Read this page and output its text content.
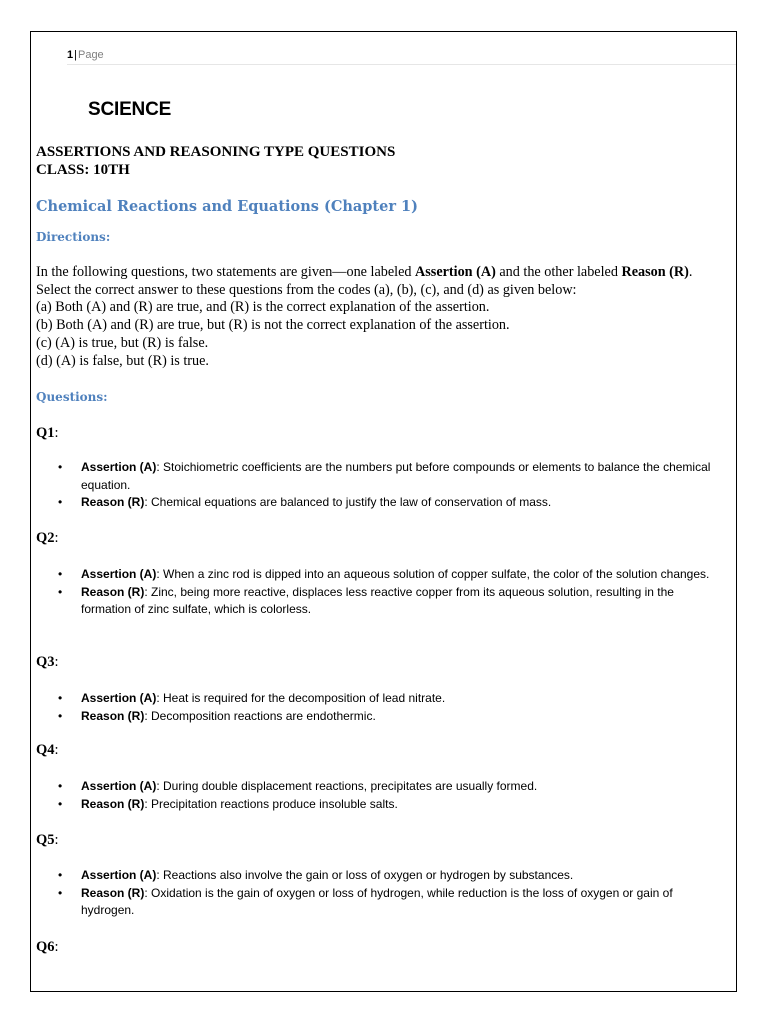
1|Page
SCIENCE
ASSERTIONS AND REASONING TYPE QUESTIONS
CLASS: 10TH
Chemical Reactions and Equations (Chapter 1)
Directions:
In the following questions, two statements are given—one labeled Assertion (A) and the other labeled Reason (R). Select the correct answer to these questions from the codes (a), (b), (c), and (d) as given below:
(a) Both (A) and (R) are true, and (R) is the correct explanation of the assertion.
(b) Both (A) and (R) are true, but (R) is not the correct explanation of the assertion.
(c) (A) is true, but (R) is false.
(d) (A) is false, but (R) is true.
Questions:
Q1:
• Assertion (A): Stoichiometric coefficients are the numbers put before compounds or elements to balance the chemical equation.
• Reason (R): Chemical equations are balanced to justify the law of conservation of mass.
Q2:
• Assertion (A): When a zinc rod is dipped into an aqueous solution of copper sulfate, the color of the solution changes.
• Reason (R): Zinc, being more reactive, displaces less reactive copper from its aqueous solution, resulting in the formation of zinc sulfate, which is colorless.
Q3:
• Assertion (A): Heat is required for the decomposition of lead nitrate.
• Reason (R): Decomposition reactions are endothermic.
Q4:
• Assertion (A): During double displacement reactions, precipitates are usually formed.
• Reason (R): Precipitation reactions produce insoluble salts.
Q5:
• Assertion (A): Reactions also involve the gain or loss of oxygen or hydrogen by substances.
• Reason (R): Oxidation is the gain of oxygen or loss of hydrogen, while reduction is the loss of oxygen or gain of hydrogen.
Q6:
